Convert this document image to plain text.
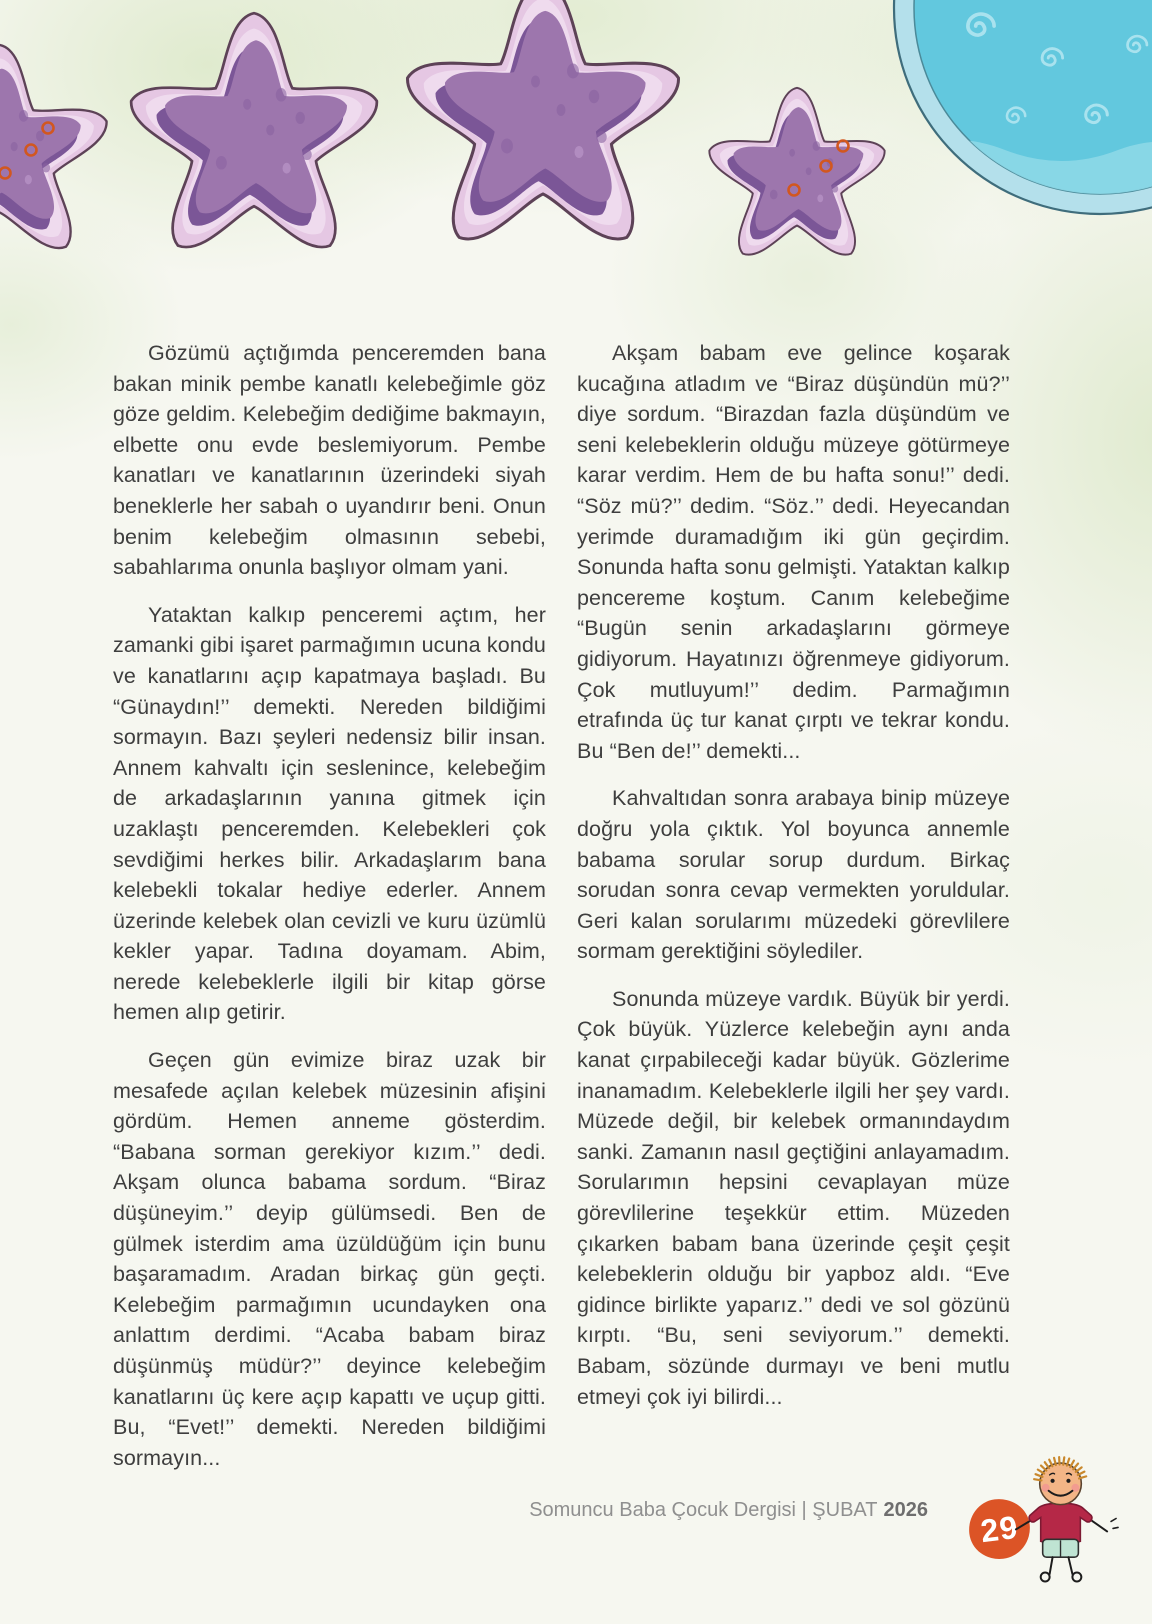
Gözümü açtığımda penceremden bana bakan minik pembe kanatlı kelebeğimle göz göze geldim. Kelebeğim dediğime bakmayın, elbette onu evde beslemiyorum. Pembe kanatları ve kanatlarının üzerindeki siyah beneklerle her sabah o uyandırır beni. Onun benim kelebeğim olmasının sebebi, sabahlarıma onunla başlıyor olmam yani.

Yataktan kalkıp penceremi açtım, her zamanki gibi işaret parmağımın ucuna kondu ve kanatlarını açıp kapatmaya başladı. Bu “Günaydın!’’ demekti. Nereden bildiğimi sormayın. Bazı şeyleri nedensiz bilir insan. Annem kahvaltı için seslenince, kelebeğim de arkadaşlarının yanına gitmek için uzaklaştı penceremden. Kelebekleri çok sevdiğimi herkes bilir. Arkadaşlarım bana kelebekli tokalar hediye ederler. Annem üzerinde kelebek olan cevizli ve kuru üzümlü kekler yapar. Tadına doyamam. Abim, nerede kelebeklerle ilgili bir kitap görse hemen alıp getirir.

Geçen gün evimize biraz uzak bir mesafede açılan kelebek müzesinin afişini gördüm. Hemen anneme gösterdim. “Babana sorman gerekiyor kızım.’’ dedi. Akşam olunca babama sordum. “Biraz düşüneyim.’’ deyip gülümsedi. Ben de gülmek isterdim ama üzüldüğüm için bunu başaramadım. Aradan birkaç gün geçti. Kelebeğim parmağımın ucundayken ona anlattım derdimi. “Acaba babam biraz düşünmüş müdür?’’ deyince kelebeğim kanatlarını üç kere açıp kapattı ve uçup gitti. Bu, “Evet!’’ demekti. Nereden bildiğimi sormayın...

Akşam babam eve gelince koşarak kucağına atladım ve “Biraz düşündün mü?’’ diye sordum. “Birazdan fazla düşündüm ve seni kelebeklerin olduğu müzeye götürmeye karar verdim. Hem de bu hafta sonu!’’ dedi. “Söz mü?’’ dedim. “Söz.’’ dedi. Heyecandan yerimde duramadığım iki gün geçirdim. Sonunda hafta sonu gelmişti. Yataktan kalkıp pencereme koştum. Canım kelebeğime “Bugün senin arkadaşlarını görmeye gidiyorum. Hayatınızı öğrenmeye gidiyorum. Çok mutluyum!’’ dedim. Parmağımın etrafında üç tur kanat çırptı ve tekrar kondu. Bu “Ben de!’’ demekti...

Kahvaltıdan sonra arabaya binip müzeye doğru yola çıktık. Yol boyunca annemle babama sorular sorup durdum. Birkaç sorudan sonra cevap vermekten yoruldular. Geri kalan sorularımı müzedeki görevlilere sormam gerektiğini söylediler.

Sonunda müzeye vardık. Büyük bir yerdi. Çok büyük. Yüzlerce kelebeğin aynı anda kanat çırpabileceği kadar büyük. Gözlerime inanamadım. Kelebeklerle ilgili her şey vardı. Müzede değil, bir kelebek ormanındaydım sanki. Zamanın nasıl geçtiğini anlayamadım. Sorularımın hepsini cevaplayan müze görevlilerine teşekkür ettim. Müzeden çıkarken babam bana üzerinde çeşit çeşit kelebeklerin olduğu bir yapboz aldı. “Eve gidince birlikte yaparız.’’ dedi ve sol gözünü kırptı. “Bu, seni seviyorum.’’ demekti. Babam, sözünde durmayı ve beni mutlu etmeyi çok iyi bilirdi...

Somuncu Baba Çocuk Dergisi | ŞUBAT 2026 29
